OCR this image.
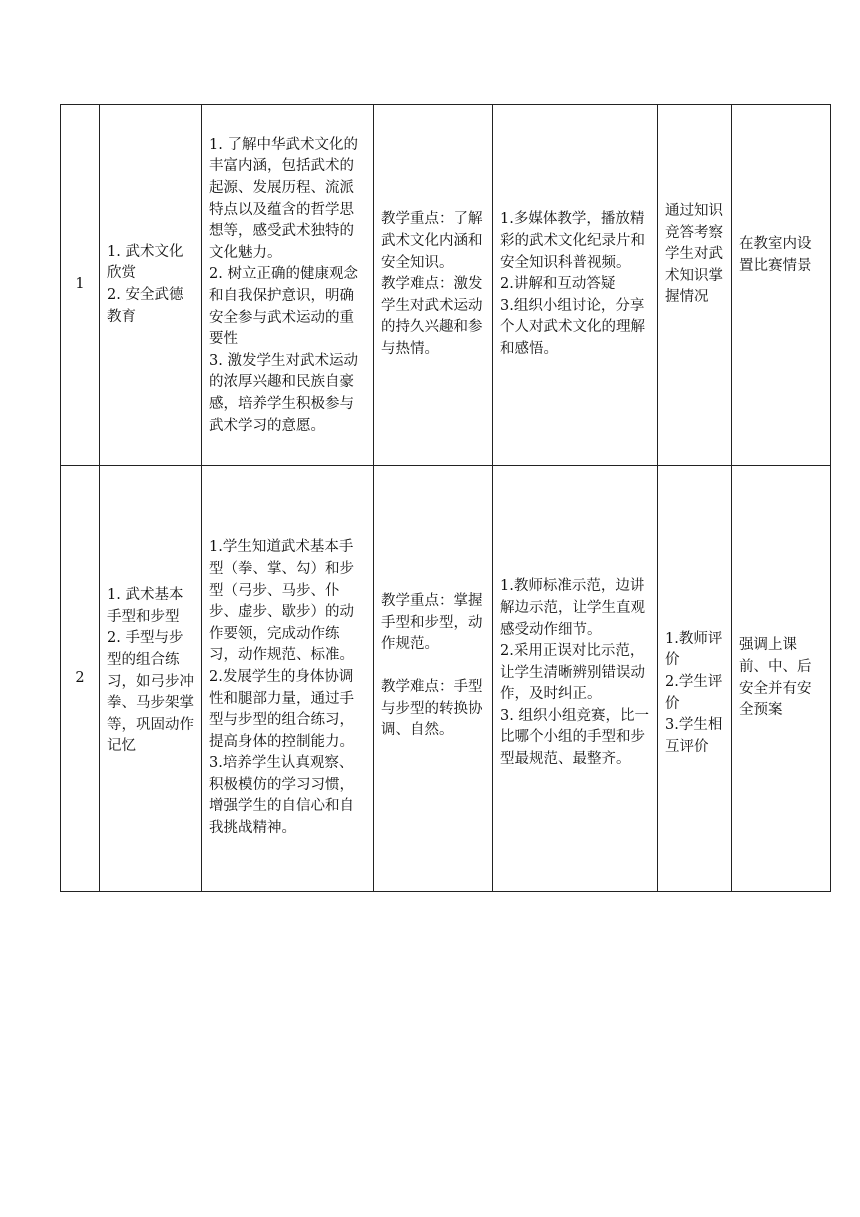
1	1. 武术文化欣赏
2. 安全武德教育	1. 了解中华武术文化的丰富内涵，包括武术的起源、发展历程、流派特点以及蕴含的哲学思想等，感受武术独特的文化魅力。
2. 树立正确的健康观念和自我保护意识，明确安全参与武术运动的重要性
3. 激发学生对武术运动的浓厚兴趣和民族自豪感，培养学生积极参与武术学习的意愿。	教学重点：了解武术文化内涵和安全知识。
教学难点：激发学生对武术运动的持久兴趣和参与热情。	1.多媒体教学，播放精彩的武术文化纪录片和安全知识科普视频。
2.讲解和互动答疑
3.组织小组讨论，分享个人对武术文化的理解和感悟。	通过知识竞答考察学生对武术知识掌握情况	在教室内设置比赛情景

2	1. 武术基本手型和步型
2. 手型与步型的组合练习，如弓步冲拳、马步架掌等，巩固动作记忆	1.学生知道武术基本手型（拳、掌、勾）和步型（弓步、马步、仆步、虚步、歇步）的动作要领，完成动作练习，动作规范、标准。
2.发展学生的身体协调性和腿部力量，通过手型与步型的组合练习，提高身体的控制能力。
3.培养学生认真观察、积极模仿的学习习惯，增强学生的自信心和自我挑战精神。	教学重点：掌握手型和步型，动作规范。
教学难点：手型与步型的转换协调、自然。	1.教师标准示范，边讲解边示范，让学生直观感受动作细节。
2.采用正误对比示范，让学生清晰辨别错误动作，及时纠正。
3. 组织小组竞赛，比一比哪个小组的手型和步型最规范、最整齐。	1.教师评价
2.学生评价
3.学生相互评价	强调上课前、中、后安全并有安全预案
